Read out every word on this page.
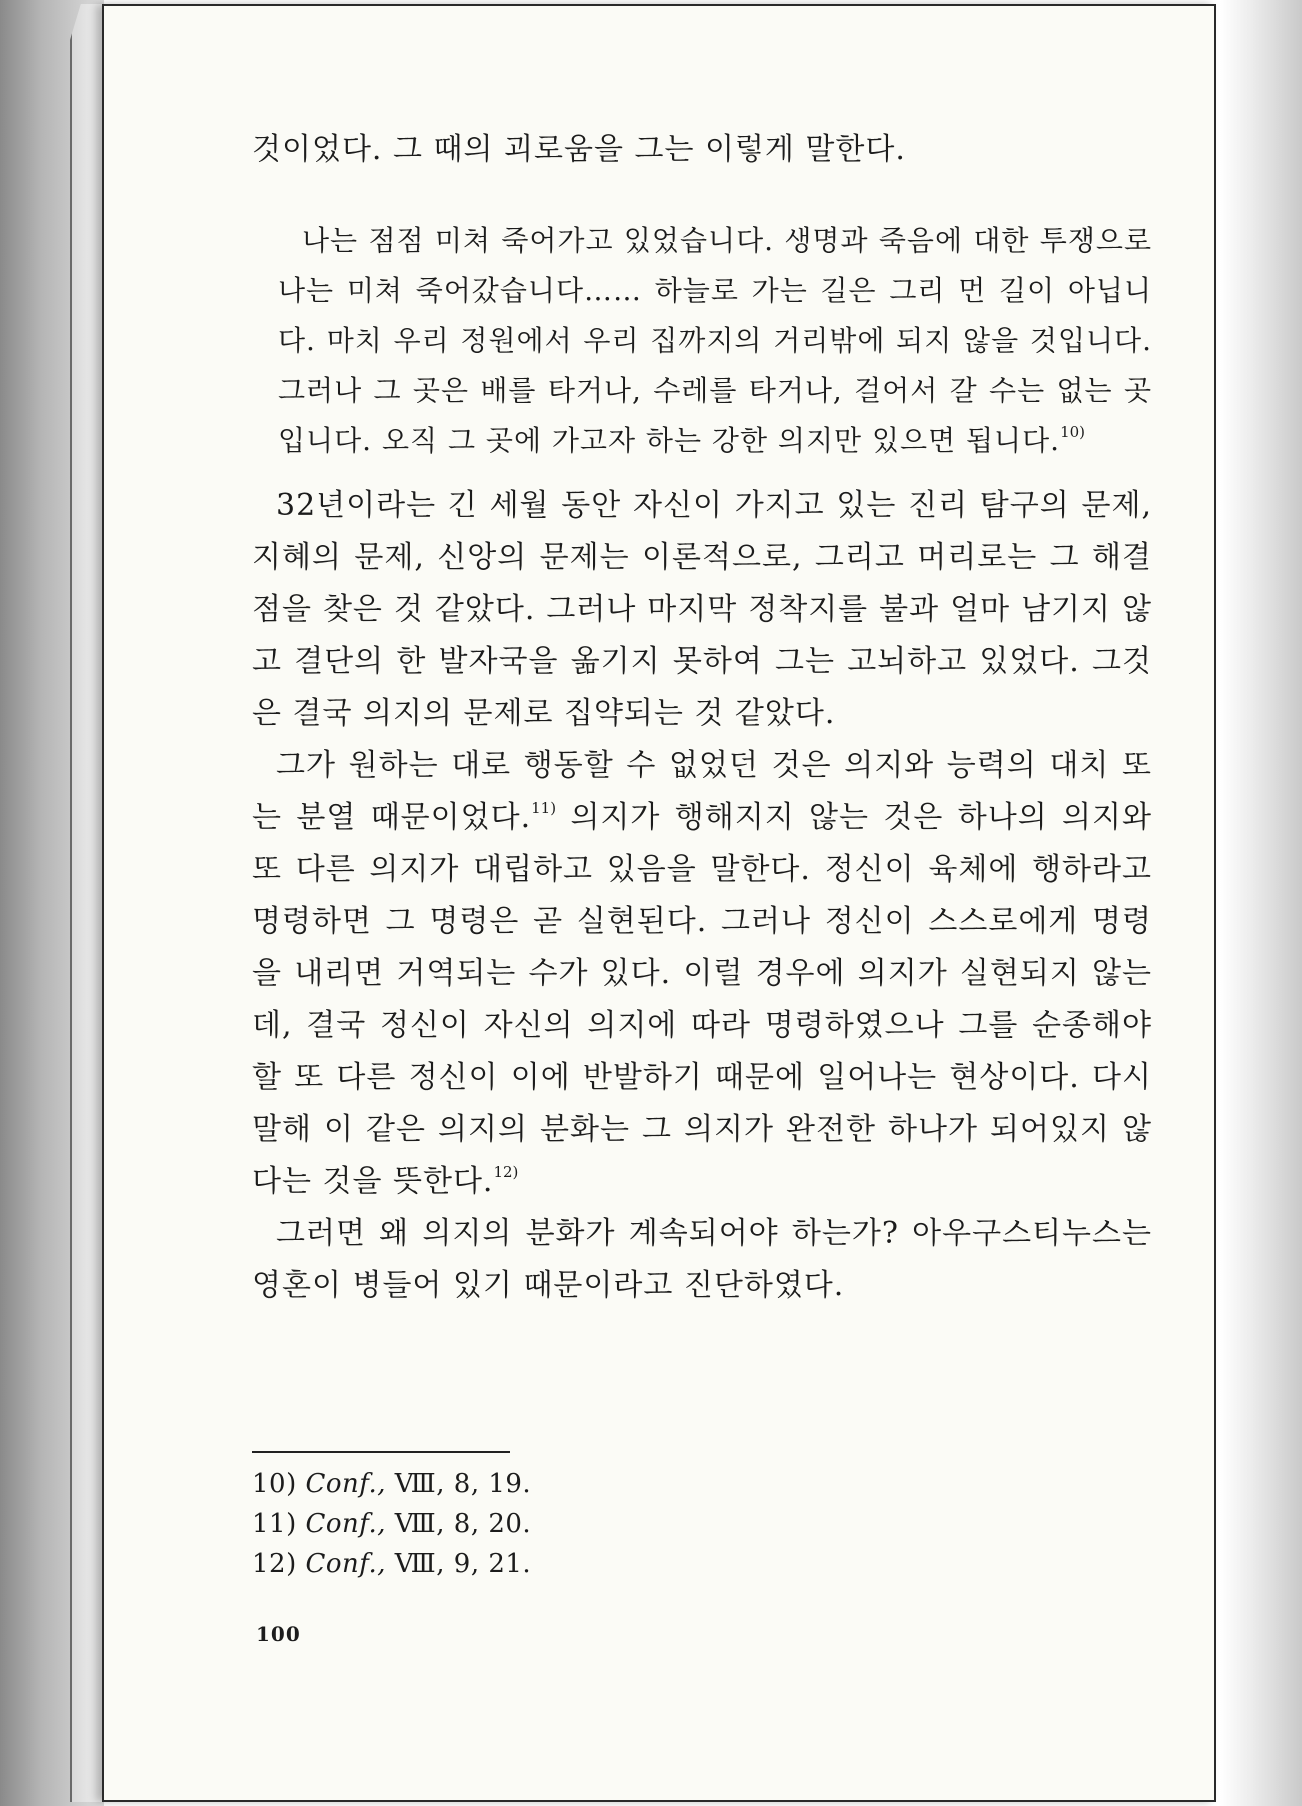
것이었다. 그 때의 괴로움을 그는 이렇게 말한다.

나는 점점 미쳐 죽어가고 있었습니다. 생명과 죽음에 대한 투쟁으로 나는 미쳐 죽어갔습니다…… 하늘로 가는 길은 그리 먼 길이 아닙니다. 마치 우리 정원에서 우리 집까지의 거리밖에 되지 않을 것입니다. 그러나 그 곳은 배를 타거나, 수레를 타거나, 걸어서 갈 수는 없는 곳입니다. 오직 그 곳에 가고자 하는 강한 의지만 있으면 됩니다.$^{10)}$

32년이라는 긴 세월 동안 자신이 가지고 있는 진리 탐구의 문제, 지혜의 문제, 신앙의 문제는 이론적으로, 그리고 머리로는 그 해결점을 찾은 것 같았다. 그러나 마지막 정착지를 불과 얼마 남기지 않고 결단의 한 발자국을 옮기지 못하여 그는 고뇌하고 있었다. 그것은 결국 의지의 문제로 집약되는 것 같았다.

그가 원하는 대로 행동할 수 없었던 것은 의지와 능력의 대치 또는 분열 때문이었다.$^{11)}$ 의지가 행해지지 않는 것은 하나의 의지와 또 다른 의지가 대립하고 있음을 말한다. 정신이 육체에 행하라고 명령하면 그 명령은 곧 실현된다. 그러나 정신이 스스로에게 명령을 내리면 거역되는 수가 있다. 이럴 경우에 의지가 실현되지 않는데, 결국 정신이 자신의 의지에 따라 명령하였으나 그를 순종해야 할 또 다른 정신이 이에 반발하기 때문에 일어나는 현상이다. 다시 말해 이 같은 의지의 분화는 그 의지가 완전한 하나가 되어있지 않다는 것을 뜻한다.$^{12)}$

그러면 왜 의지의 분화가 계속되어야 하는가? 아우구스티누스는 영혼이 병들어 있기 때문이라고 진단하였다.

10) Conf., Ⅷ, 8, 19.
11) Conf., Ⅷ, 8, 20.
12) Conf., Ⅷ, 9, 21.
100
